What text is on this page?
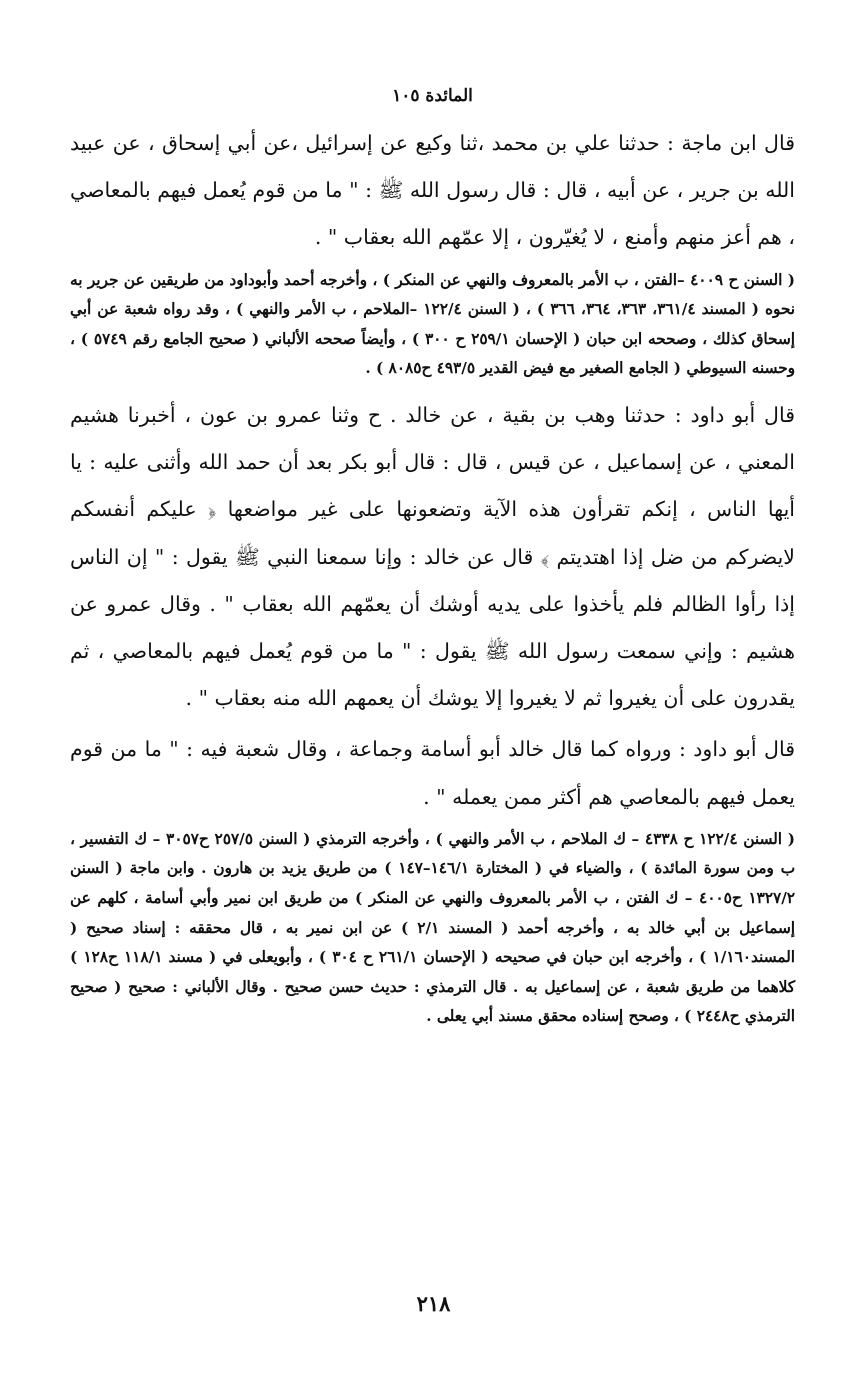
المائدة ١٠٥

قال ابن ماجة : حدثنا علي بن محمد ،ثنا وكيع عن إسرائيل ،عن أبي إسحاق ، عن عبيد الله بن جرير ، عن أبيه ، قال : قال رسول الله ﷺ : " ما من قوم يُعمل فيهم بالمعاصي ، هم أعز منهم وأمنع ، لا يُغيّرون ، إلا عمّهم الله بعقاب " .

( السنن ح ٤٠٠٩ –الفتن ، ب الأمر بالمعروف والنهي عن المنكر ) ، وأخرجه أحمد وأبوداود من طريقين عن جرير به نحوه ( المسند ٣٦١/٤، ٣٦٣، ٣٦٤، ٣٦٦ ) ، ( السنن ١٢٢/٤ –الملاحم ، ب الأمر والنهي ) ، وقد رواه شعبة عن أبي إسحاق كذلك ، وصححه ابن حبان ( الإحسان ٢٥٩/١ ح ٣٠٠ ) ، وأيضاً صححه الألباني ( صحيح الجامع رقم ٥٧٤٩ ) ، وحسنه السيوطي ( الجامع الصغير مع فيض القدير ٤٩٣/٥ ح٨٠٨٥ ) .

قال أبو داود : حدثنا وهب بن بقية ، عن خالد . ح وثنا عمرو بن عون ، أخبرنا هشيم المعني ، عن إسماعيل ، عن قيس ، قال : قال أبو بكر بعد أن حمد الله وأثنى عليه : يا أيها الناس ، إنكم تقرأون هذه الآية وتضعونها على غير مواضعها ﴿ عليكم أنفسكم لايضركم من ضل إذا اهتديتم ﴾ قال عن خالد : وإنا سمعنا النبي ﷺ يقول : " إن الناس إذا رأوا الظالم فلم يأخذوا على يديه أوشك أن يعمّهم الله بعقاب " . وقال عمرو عن هشيم : وإني سمعت رسول الله ﷺ يقول : " ما من قوم يُعمل فيهم بالمعاصي ، ثم يقدرون على أن يغيروا ثم لا يغيروا إلا يوشك أن يعمهم الله منه بعقاب " .

قال أبو داود : ورواه كما قال خالد أبو أسامة وجماعة ، وقال شعبة فيه : " ما من قوم يعمل فيهم بالمعاصي هم أكثر ممن يعمله " .

( السنن ١٢٢/٤ ح ٤٣٣٨ – ك الملاحم ، ب الأمر والنهي ) ، وأخرجه الترمذي ( السنن ٢٥٧/٥ ح٣٠٥٧ – ك التفسير ، ب ومن سورة المائدة ) ، والضياء في ( المختارة ١٤٦/١–١٤٧ ) من طريق يزيد بن هارون . وابن ماجة ( السنن ١٣٢٧/٢ ح٤٠٠٥ – ك الفتن ، ب الأمر بالمعروف والنهي عن المنكر ) من طريق ابن نمير وأبي أسامة ، كلهم عن إسماعيل بن أبي خالد به ، وأخرجه أحمد ( المسند ٢/١ ) عن ابن نمير به ، قال محققه : إسناد صحيح ( المسند١/١٦٠ ) ، وأخرجه ابن حبان في صحيحه ( الإحسان ٢٦١/١ ح ٣٠٤ ) ، وأبويعلى في ( مسند ١١٨/١ ح١٢٨ ) كلاهما من طريق شعبة ، عن إسماعيل به . قال الترمذي : حديث حسن صحيح . وقال الألباني : صحيح ( صحيح الترمذي ح٢٤٤٨ ) ، وصحح إسناده محقق مسند أبي يعلى .

٢١٨
